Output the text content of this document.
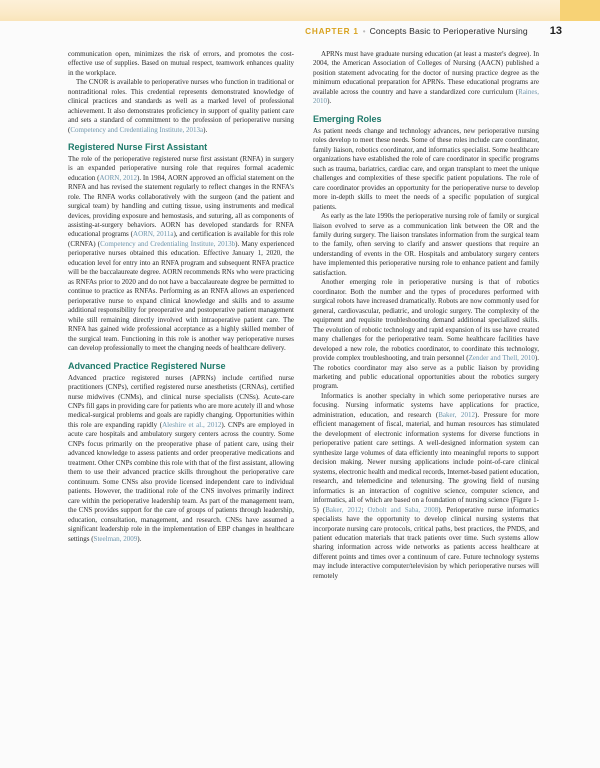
CHAPTER 1 • Concepts Basic to Perioperative Nursing 13

communication open, minimizes the risk of errors, and promotes the cost-effective use of supplies. Based on mutual respect, teamwork enhances quality in the workplace.

The CNOR is available to perioperative nurses who function in traditional or nontraditional roles. This credential represents demonstrated knowledge of clinical practices and standards as well as a marked level of professional achievement. It also demonstrates proficiency in support of quality patient care and sets a standard of commitment to the profession of perioperative nursing (Competency and Credentialing Institute, 2013a).

Registered Nurse First Assistant

The role of the perioperative registered nurse first assistant (RNFA) in surgery is an expanded perioperative nursing role that requires formal academic education (AORN, 2012). In 1984, AORN approved an official statement on the RNFA and has revised the statement regularly to reflect changes in the RNFA's role. The RNFA works collaboratively with the surgeon (and the patient and surgical team) by handling and cutting tissue, using instruments and medical devices, providing exposure and hemostasis, and suturing, all as components of assisting-at-surgery behaviors. AORN has developed standards for RNFA educational programs (AORN, 2011a), and certification is available for this role (CRNFA) (Competency and Credentialing Institute, 2013b). Many experienced perioperative nurses obtained this education. Effective January 1, 2020, the education level for entry into an RNFA program and subsequent RNFA practice will be the baccalaureate degree. AORN recommends RNs who were practicing as RNFAs prior to 2020 and do not have a baccalaureate degree be permitted to continue to practice as RNFAs. Performing as an RNFA allows an experienced perioperative nurse to expand clinical knowledge and skills and to assume additional responsibility for preoperative and postoperative patient management while still remaining directly involved with intraoperative patient care. The RNFA has gained wide professional acceptance as a highly skilled member of the surgical team. Functioning in this role is another way perioperative nurses can develop professionally to meet the changing needs of healthcare delivery.

Advanced Practice Registered Nurse

Advanced practice registered nurses (APRNs) include certified nurse practitioners (CNPs), certified registered nurse anesthetists (CRNAs), certified nurse midwives (CNMs), and clinical nurse specialists (CNSs). Acute-care CNPs fill gaps in providing care for patients who are more acutely ill and whose medical-surgical problems and goals are rapidly changing. Opportunities within this role are expanding rapidly (Aleshire et al., 2012). CNPs are employed in acute care hospitals and ambulatory surgery centers across the country. Some CNPs focus primarily on the preoperative phase of patient care, using their advanced knowledge to assess patients and order preoperative medications and treatment. Other CNPs combine this role with that of the first assistant, allowing them to use their advanced practice skills throughout the perioperative care continuum. Some CNSs also provide licensed independent care to individual patients. However, the traditional role of the CNS involves primarily indirect care within the perioperative leadership team. As part of the management team, the CNS provides support for the care of groups of patients through leadership, education, consultation, management, and research. CNSs have assumed a significant leadership role in the implementation of EBP changes in healthcare settings (Steelman, 2009).

APRNs must have graduate nursing education (at least a master's degree). In 2004, the American Association of Colleges of Nursing (AACN) published a position statement advocating for the doctor of nursing practice degree as the minimum educational preparation for APRNs. These educational programs are available across the country and have a standardized core curriculum (Raines, 2010).

Emerging Roles

As patient needs change and technology advances, new perioperative nursing roles develop to meet these needs. Some of these roles include care coordinator, family liaison, robotics coordinator, and informatics specialist. Some healthcare organizations have established the role of care coordinator in specific programs such as trauma, bariatrics, cardiac care, and organ transplant to meet the unique challenges and complexities of these specific patient populations. The role of care coordinator provides an opportunity for the perioperative nurse to develop more in-depth skills to meet the needs of a specific population of surgical patients.

As early as the late 1990s the perioperative nursing role of family or surgical liaison evolved to serve as a communication link between the OR and the family during surgery. The liaison translates information from the surgical team to the family, often serving to clarify and answer questions that require an understanding of events in the OR. Hospitals and ambulatory surgery centers have implemented this perioperative nursing role to enhance patient and family satisfaction.

Another emerging role in perioperative nursing is that of robotics coordinator. Both the number and the types of procedures performed with surgical robots have increased dramatically. Robots are now commonly used for general, cardiovascular, pediatric, and urologic surgery. The complexity of the equipment and requisite troubleshooting demand additional specialized skills. The evolution of robotic technology and rapid expansion of its use have created many challenges for the perioperative team. Some healthcare facilities have developed a new role, the robotics coordinator, to coordinate this technology, provide complex troubleshooting, and train personnel (Zender and Thell, 2010). The robotics coordinator may also serve as a public liaison by providing marketing and public educational opportunities about the robotics surgery program.

Informatics is another specialty in which some perioperative nurses are focusing. Nursing informatic systems have applications for practice, administration, education, and research (Baker, 2012). Pressure for more efficient management of fiscal, material, and human resources has stimulated the development of electronic information systems for diverse functions in perioperative patient care settings. A well-designed information system can synthesize large volumes of data efficiently into meaningful reports to support decision making. Newer nursing applications include point-of-care clinical systems, electronic health and medical records, Internet-based patient education, research, and telemedicine and telenursing. The growing field of nursing informatics is an interaction of cognitive science, computer science, and informatics, all of which are based on a foundation of nursing science (Figure 1-5) (Baker, 2012; Ozbolt and Saba, 2008). Perioperative nurse informatics specialists have the opportunity to develop clinical nursing systems that incorporate nursing care protocols, critical paths, best practices, the PNDS, and patient education materials that track patients over time. Such systems allow sharing information across wide networks as patients access healthcare at different points and times over a continuum of care. Future technology systems may include interactive computer/television by which perioperative nurses will remotely
